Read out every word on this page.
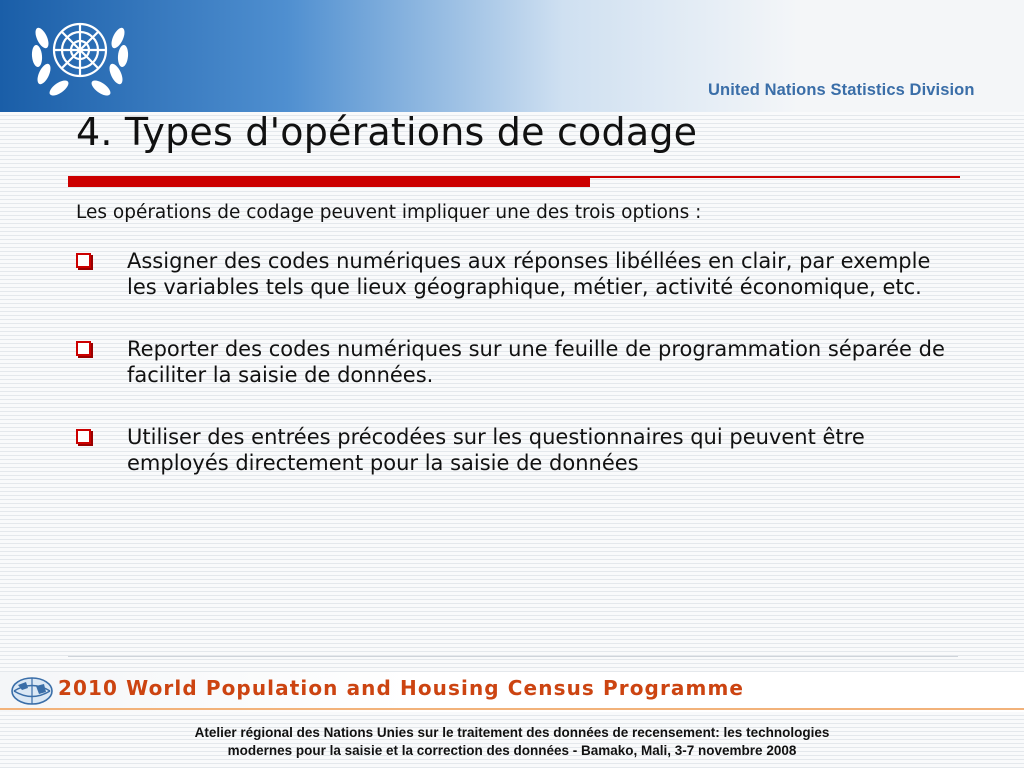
United Nations Statistics Division
4. Types d'opérations de codage

Les opérations de codage peuvent impliquer une des trois options :

Assigner des codes numériques aux réponses libéllées en clair, par exemple les variables tels que lieux géographique, métier, activité économique, etc.
Reporter des codes numériques sur une feuille de programmation séparée de faciliter la saisie de données.
Utiliser des entrées précodées sur les questionnaires qui peuvent être employés directement pour la saisie de données
2010 World Population and Housing Census Programme
Atelier régional des Nations Unies sur le traitement des données de recensement: les technologies
modernes pour la saisie et la correction des données - Bamako, Mali, 3-7 novembre 2008
